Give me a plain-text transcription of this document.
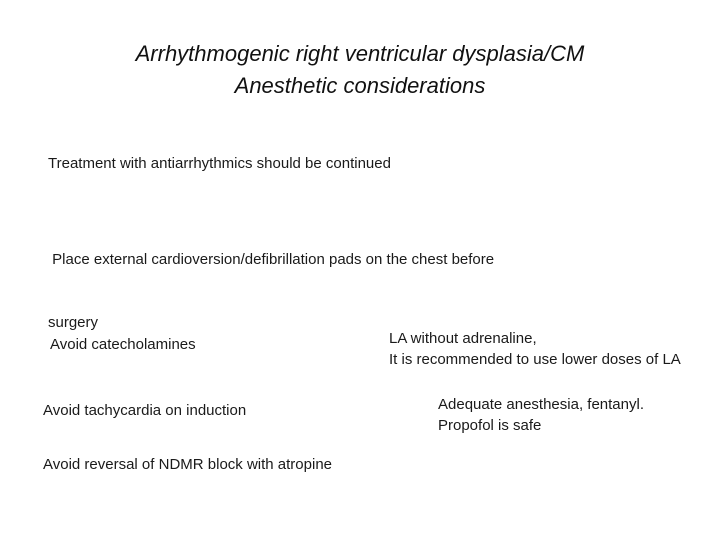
Arrhythmogenic right ventricular dysplasia/CM
Anesthetic considerations
Treatment with antiarrhythmics should be continued

Place external cardioversion/defibrillation pads on the chest before

surgery

Avoid catecholamines	LA without adrenaline,
It is recommended to use lower doses of LA
Avoid tachycardia on induction	Adequate anesthesia, fentanyl.
Propofol is safe
Avoid reversal of NDMR block with atropine
